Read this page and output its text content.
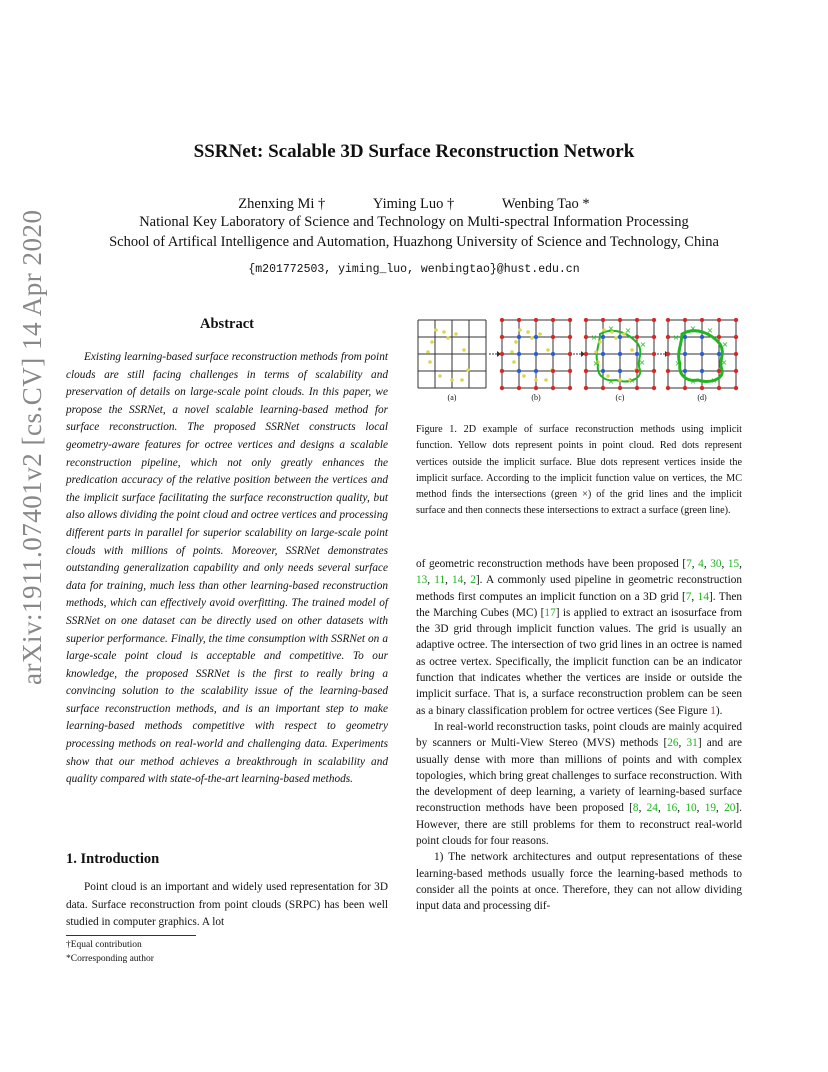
SSRNet: Scalable 3D Surface Reconstruction Network
Zhenxing Mi †	Yiming Luo †	Wenbing Tao *
National Key Laboratory of Science and Technology on Multi-spectral Information Processing
School of Artifical Intelligence and Automation, Huazhong University of Science and Technology, China
{m201772503, yiming_luo, wenbingtao}@hust.edu.cn
arXiv:1911.07401v2 [cs.CV] 14 Apr 2020	Abstract
Existing learning-based surface reconstruction methods from point clouds are still facing challenges in terms of scalability and preservation of details on large-scale point clouds. In this paper, we propose the SSRNet, a novel scalable learning-based method for surface reconstruction. The proposed SSRNet constructs local geometry-aware features for octree vertices and designs a scalable reconstruction pipeline, which not only greatly enhances the predication accuracy of the relative position between the vertices and the implicit surface facilitating the surface reconstruction quality, but also allows dividing the point cloud and octree vertices and processing different parts in parallel for superior scalability on large-scale point clouds with millions of points. Moreover, SSRNet demonstrates outstanding generalization capability and only needs several surface data for training, much less than other learning-based reconstruction methods, which can effectively avoid overfitting. The trained model of SSRNet on one dataset can be directly used on other datasets with superior performance. Finally, the time consumption with SSRNet on a large-scale point cloud is acceptable and competitive. To our knowledge, the proposed SSRNet is the first to really bring a convincing solution to the scalability issue of the learning-based surface reconstruction methods, and is an important step to make learning-based methods competitive with respect to geometry processing methods on real-world and challenging data. Experiments show that our method achieves a breakthrough in scalability and quality compared with state-of-the-art learning-based methods.
1. Introduction
Point cloud is an important and widely used representation for 3D data. Surface reconstruction from point clouds (SRPC) has been well studied in computer graphics. A lot
†Equal contribution
*Corresponding author
(a)	(b)
×
× ×
×
×
×
×
×
(c)
×
× ×
×
×
×
×
×
(d)
Figure 1. 2D example of surface reconstruction methods using implicit function. Yellow dots represent points in point cloud. Red dots represent vertices outside the implicit surface. Blue dots represent vertices inside the implicit surface. According to the implicit function value on vertices, the MC method finds the intersections (green ×) of the grid lines and the implicit surface and then connects these intersections to extract a surface (green line).

of geometric reconstruction methods have been proposed [7, 4, 30, 15, 13, 11, 14, 2]. A commonly used pipeline in geometric reconstruction methods first computes an implicit function on a 3D grid [7, 14]. Then the Marching Cubes (MC) [17] is applied to extract an isosurface from the 3D grid through implicit function values. The grid is usually an adaptive octree. The intersection of two grid lines in an octree is named as octree vertex. Specifically, the implicit function can be an indicator function that indicates whether the vertices are inside or outside the implicit surface. That is, a surface reconstruction problem can be seen as a binary classification problem for octree vertices (See Figure 1).

In real-world reconstruction tasks, point clouds are mainly acquired by scanners or Multi-View Stereo (MVS) methods [26, 31] and are usually dense with more than millions of points and with complex topologies, which bring great challenges to surface reconstruction. With the development of deep learning, a variety of learning-based surface reconstruction methods have been proposed [8, 24, 16, 10, 19, 20]. However, there are still problems for them to reconstruct real-world point clouds for four reasons.

1) The network architectures and output representations of these learning-based methods usually force the learning-based methods to consider all the points at once. Therefore, they can not allow dividing input data and processing dif-
